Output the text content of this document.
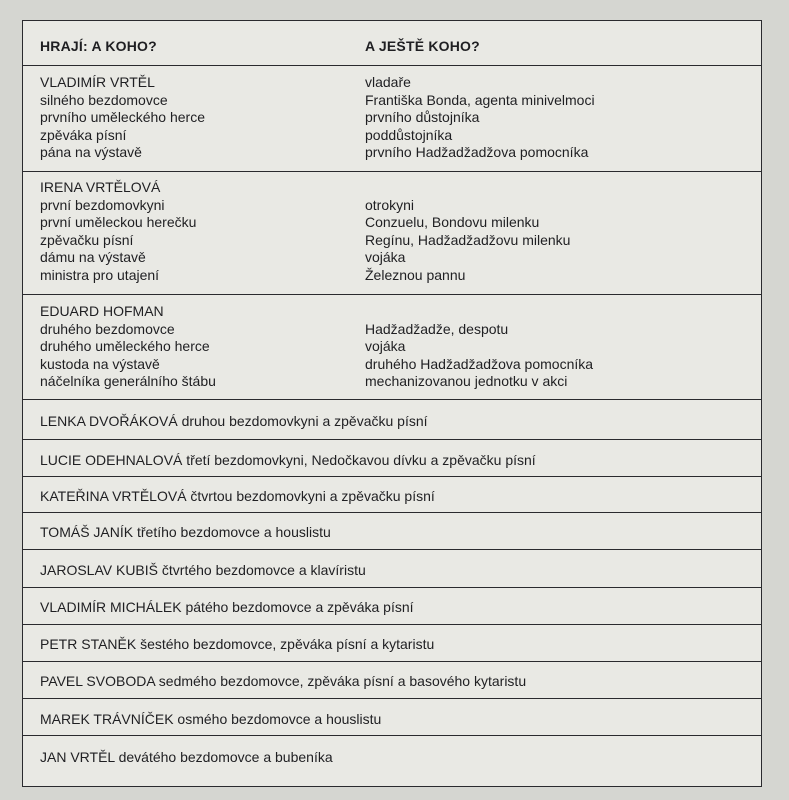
HRAJÍ: A KOHO?	A JEŠTĚ KOHO?
VLADIMÍR VRTĚL
silného bezdomovce
prvního uměleckého herce
zpěváka písní
pána na výstavě
vladaře
Františka Bonda, agenta minivelmoci
prvního důstojníka
poddůstojníka
prvního Hadžadžadžova pomocníka
IRENA VRTĚLOVÁ
první bezdomovkyni
první uměleckou herečku
zpěvačku písní
dámu na výstavě
ministra pro utajení
otrokyni
Conzuelu, Bondovu milenku
Regínu, Hadžadžadžovu milenku
vojáka
Železnou pannu
EDUARD HOFMAN
druhého bezdomovce
druhého uměleckého herce
kustoda na výstavě
náčelníka generálního štábu
Hadžadžadže, despotu
vojáka
druhého Hadžadžadžova pomocníka
mechanizovanou jednotku v akci
LENKA DVOŘÁKOVÁ druhou bezdomovkyni a zpěvačku písní
LUCIE ODEHNALOVÁ třetí bezdomovkyni, Nedočkavou dívku a zpěvačku písní
KATEŘINA VRTĚLOVÁ čtvrtou bezdomovkyni a zpěvačku písní
TOMÁŠ JANÍK třetího bezdomovce a houslistu
JAROSLAV KUBIŠ čtvrtého bezdomovce a klavíristu
VLADIMÍR MICHÁLEK pátého bezdomovce a zpěváka písní
PETR STANĚK šestého bezdomovce, zpěváka písní a kytaristu
PAVEL SVOBODA sedmého bezdomovce, zpěváka písní a basového kytaristu
MAREK TRÁVNÍČEK osmého bezdomovce a houslistu
JAN VRTĚL devátého bezdomovce a bubeníka
